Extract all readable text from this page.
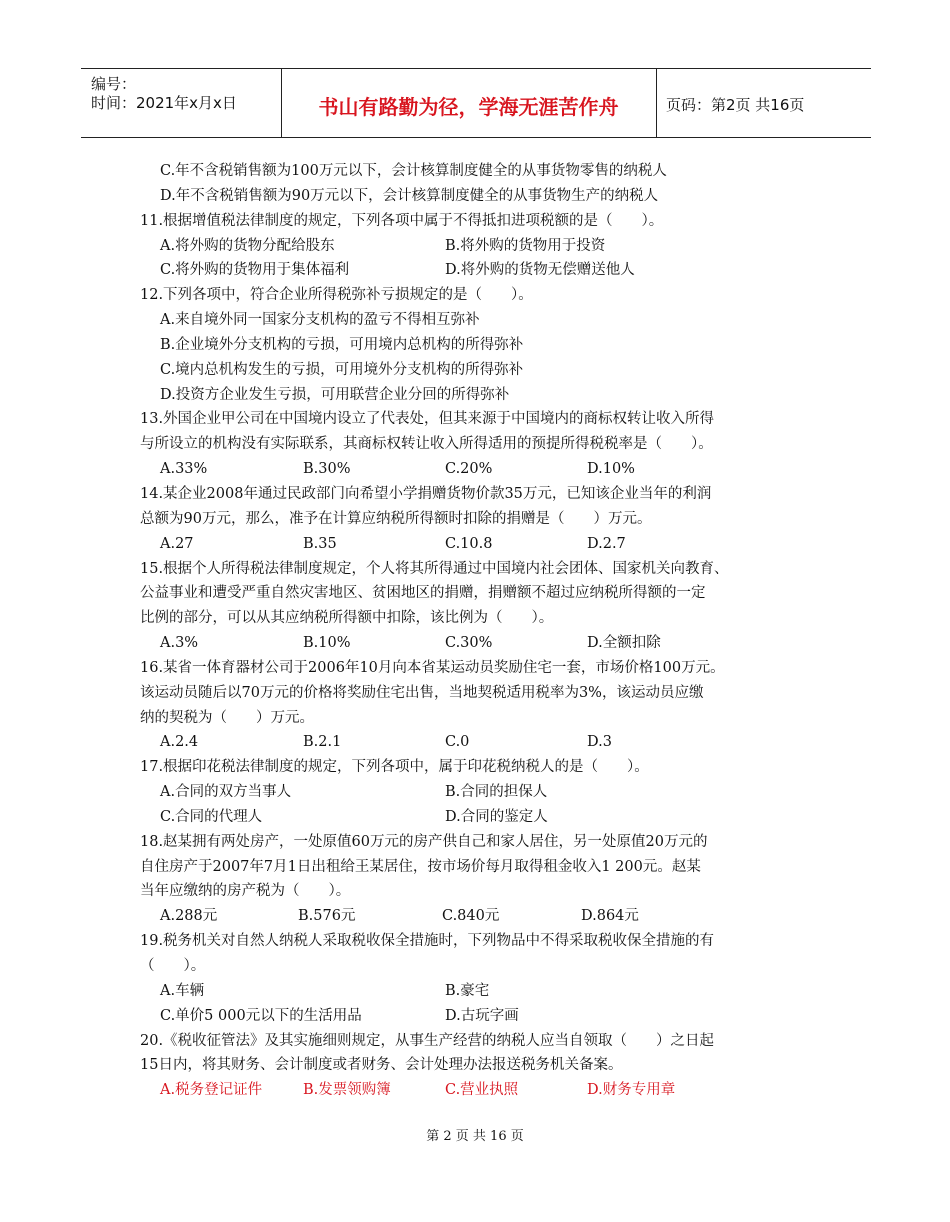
编号：
时间：2021年x月x日	书山有路勤为径，学海无涯苦作舟	页码：第2页 共16页
C.年不含税销售额为100万元以下，会计核算制度健全的从事货物零售的纳税人
D.年不含税销售额为90万元以下，会计核算制度健全的从事货物生产的纳税人
11.根据增值税法律制度的规定，下列各项中属于不得抵扣进项税额的是（　　）。
A.将外购的货物分配给股东	B.将外购的货物用于投资
C.将外购的货物用于集体福利	D.将外购的货物无偿赠送他人
12.下列各项中，符合企业所得税弥补亏损规定的是（　　）。
A.来自境外同一国家分支机构的盈亏不得相互弥补
B.企业境外分支机构的亏损，可用境内总机构的所得弥补
C.境内总机构发生的亏损，可用境外分支机构的所得弥补
D.投资方企业发生亏损，可用联营企业分回的所得弥补
13.外国企业甲公司在中国境内设立了代表处，但其来源于中国境内的商标权转让收入所得
与所设立的机构没有实际联系，其商标权转让收入所得适用的预提所得税税率是（　　）。
A.33%	B.30%	C.20%	D.10%
14.某企业2008年通过民政部门向希望小学捐赠货物价款35万元，已知该企业当年的利润
总额为90万元，那么，准予在计算应纳税所得额时扣除的捐赠是（　　）万元。
A.27	B.35	C.10.8	D.2.7
15.根据个人所得税法律制度规定，个人将其所得通过中国境内社会团体、国家机关向教育、
公益事业和遭受严重自然灾害地区、贫困地区的捐赠，捐赠额不超过应纳税所得额的一定
比例的部分，可以从其应纳税所得额中扣除，该比例为（　　）。
A.3%	B.10%	C.30%	D.全额扣除
16.某省一体育器材公司于2006年10月向本省某运动员奖励住宅一套，市场价格100万元。
该运动员随后以70万元的价格将奖励住宅出售，当地契税适用税率为3%，该运动员应缴
纳的契税为（　　）万元。
A.2.4	B.2.1	C.0	D.3
17.根据印花税法律制度的规定，下列各项中，属于印花税纳税人的是（　　）。
A.合同的双方当事人	B.合同的担保人
C.合同的代理人	D.合同的鉴定人
18.赵某拥有两处房产，一处原值60万元的房产供自己和家人居住，另一处原值20万元的
自住房产于2007年7月1日出租给王某居住，按市场价每月取得租金收入1 200元。赵某
当年应缴纳的房产税为（　　）。
A.288元	B.576元	C.840元	D.864元
19.税务机关对自然人纳税人采取税收保全措施时，下列物品中不得采取税收保全措施的有
（　　）。
A.车辆	B.豪宅
C.单价5 000元以下的生活用品	D.古玩字画
20.《税收征管法》及其实施细则规定，从事生产经营的纳税人应当自领取（　　）之日起
15日内，将其财务、会计制度或者财务、会计处理办法报送税务机关备案。
A.税务登记证件	B.发票领购簿	C.营业执照	D.财务专用章
第 2 页 共 16 页
